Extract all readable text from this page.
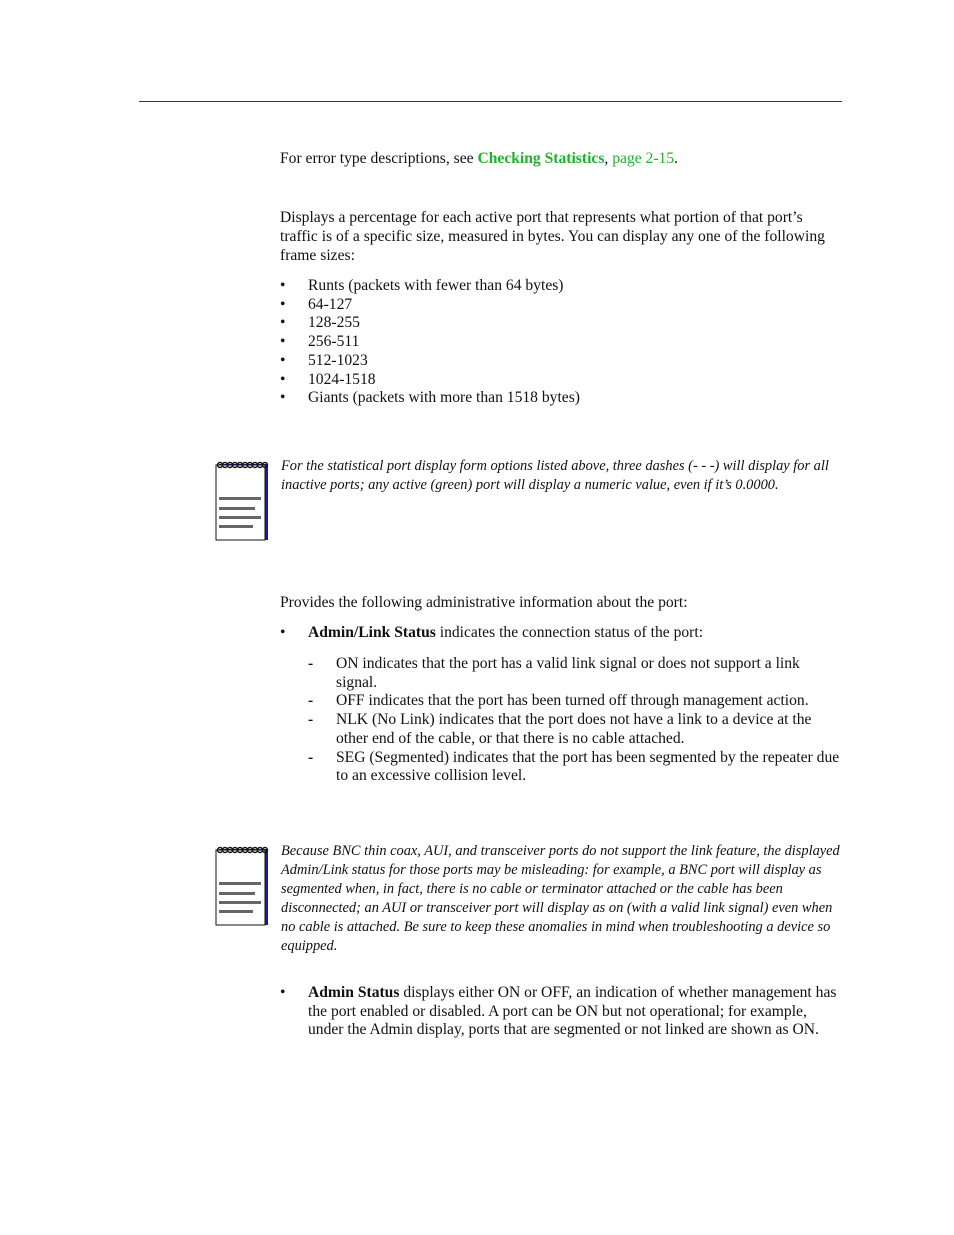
For error type descriptions, see Checking Statistics, page 2-15.

Displays a percentage for each active port that represents what portion of that port’s traffic is of a specific size, measured in bytes. You can display any one of the following frame sizes:

• Runts (packets with fewer than 64 bytes)
• 64-127
• 128-255
• 256-511
• 512-1023
• 1024-1518
• Giants (packets with more than 1518 bytes)
For the statistical port display form options listed above, three dashes (- - -) will display for all inactive ports; any active (green) port will display a numeric value, even if it’s 0.0000.

Provides the following administrative information about the port:

• Admin/Link Status indicates the connection status of the port:
- ON indicates that the port has a valid link signal or does not support a link signal.
- OFF indicates that the port has been turned off through management action.
- NLK (No Link) indicates that the port does not have a link to a device at the other end of the cable, or that there is no cable attached.
- SEG (Segmented) indicates that the port has been segmented by the repeater due to an excessive collision level.
Because BNC thin coax, AUI, and transceiver ports do not support the link feature, the displayed Admin/Link status for those ports may be misleading: for example, a BNC port will display as segmented when, in fact, there is no cable or terminator attached or the cable has been disconnected; an AUI or transceiver port will display as on (with a valid link signal) even when no cable is attached. Be sure to keep these anomalies in mind when troubleshooting a device so equipped.
• Admin Status displays either ON or OFF, an indication of whether management has the port enabled or disabled. A port can be ON but not operational; for example, under the Admin display, ports that are segmented or not linked are shown as ON.
